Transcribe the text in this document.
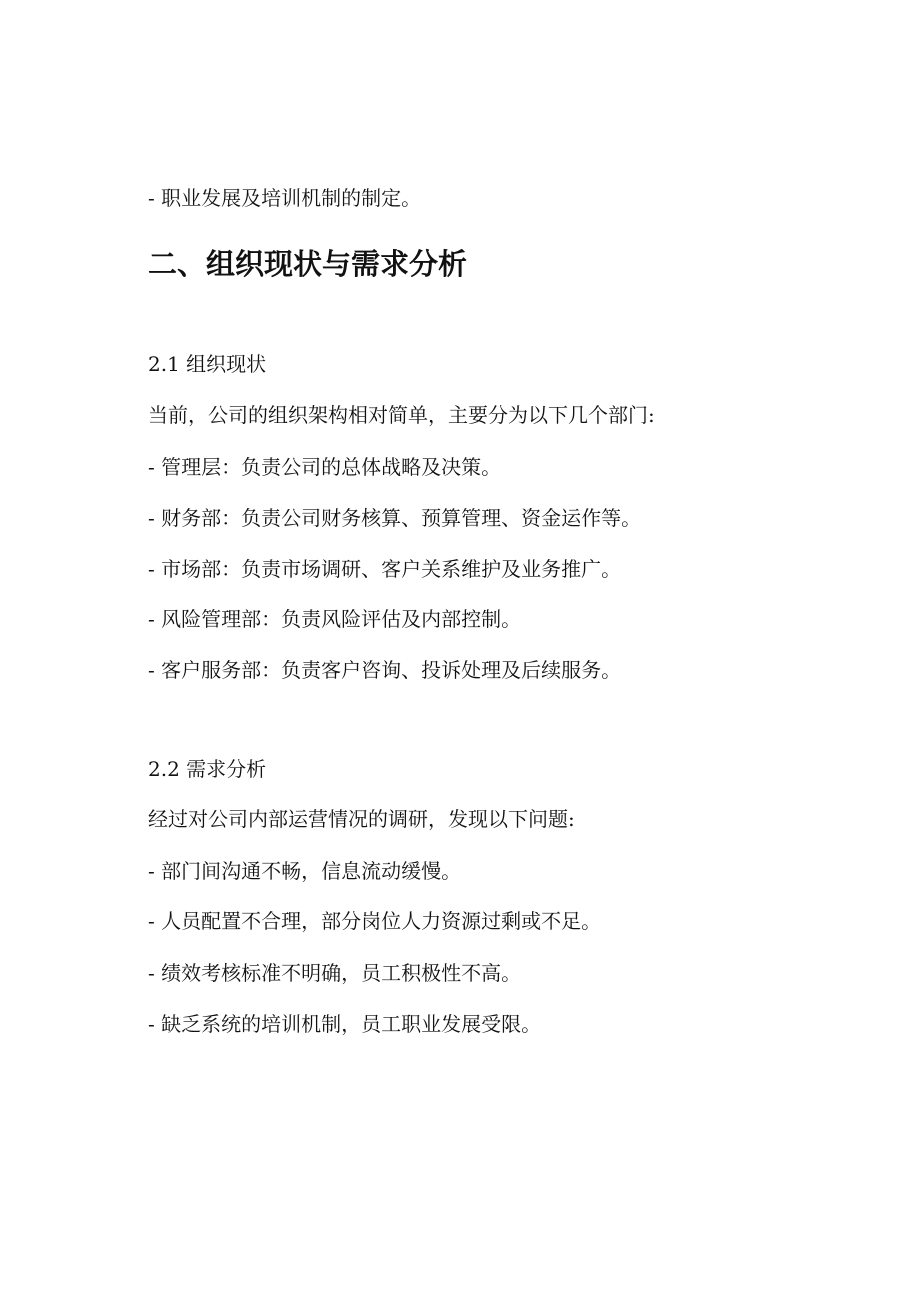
- 职业发展及培训机制的制定。
二、组织现状与需求分析
2.1 组织现状
当前，公司的组织架构相对简单，主要分为以下几个部门:
- 管理层：负责公司的总体战略及决策。
- 财务部：负责公司财务核算、预算管理、资金运作等。
- 市场部：负责市场调研、客户关系维护及业务推广。
- 风险管理部：负责风险评估及内部控制。
- 客户服务部：负责客户咨询、投诉处理及后续服务。
2.2 需求分析
经过对公司内部运营情况的调研，发现以下问题:
- 部门间沟通不畅，信息流动缓慢。
- 人员配置不合理，部分岗位人力资源过剩或不足。
- 绩效考核标准不明确，员工积极性不高。
- 缺乏系统的培训机制，员工职业发展受限。
